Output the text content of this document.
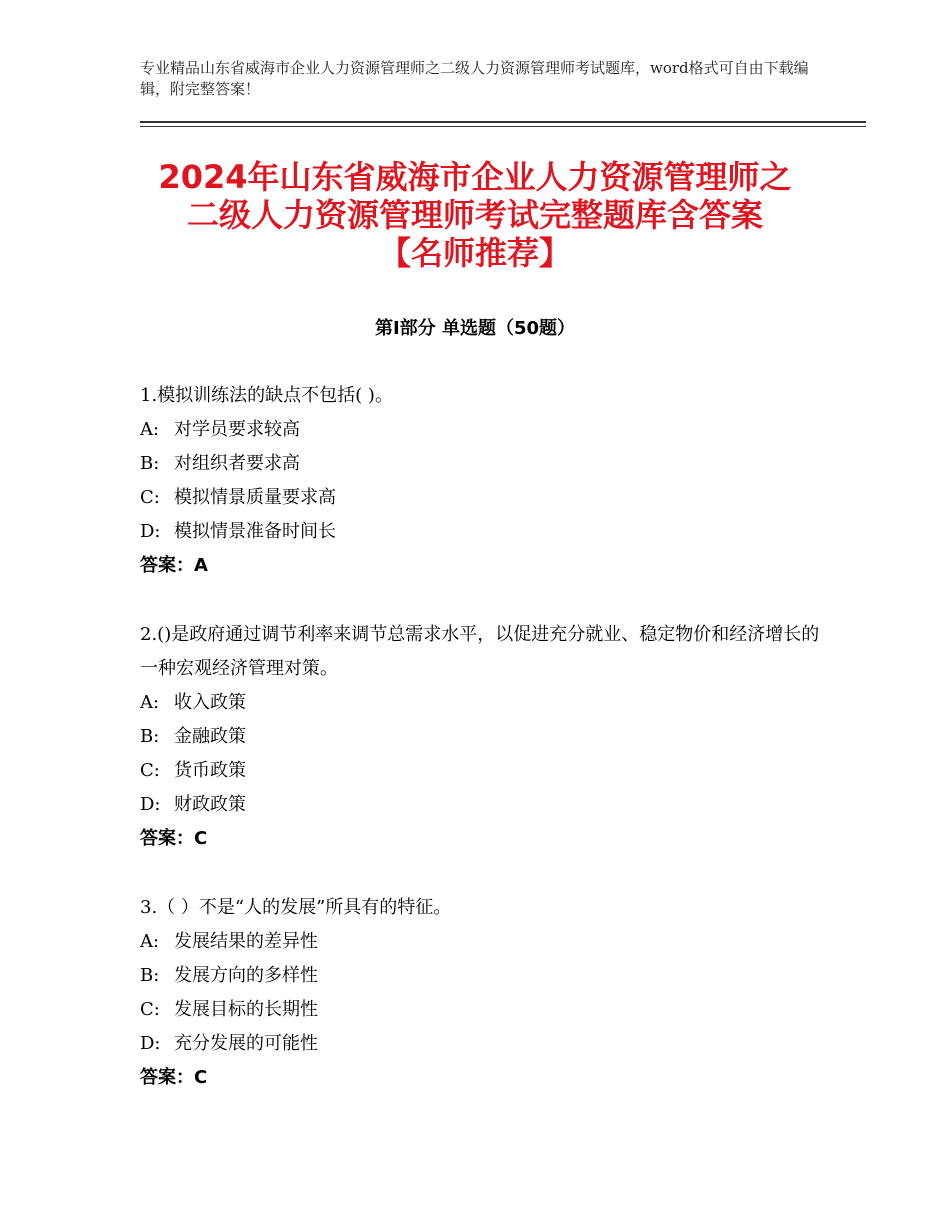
专业精品山东省威海市企业人力资源管理师之二级人力资源管理师考试题库，word格式可自由下载编辑，附完整答案！
2024年山东省威海市企业人力资源管理师之
二级人力资源管理师考试完整题库含答案
【名师推荐】
第Ⅰ部分 单选题（50题）
1.模拟训练法的缺点不包括( )。
A: 对学员要求较高
B: 对组织者要求高
C: 模拟情景质量要求高
D: 模拟情景准备时间长
答案：A
2.()是政府通过调节利率来调节总需求水平，以促进充分就业、稳定物价和经济增长的一种宏观经济管理对策。
A: 收入政策
B: 金融政策
C: 货币政策
D: 财政政策
答案：C
3.（ ）不是“人的发展”所具有的特征。
A: 发展结果的差异性
B: 发展方向的多样性
C: 发展目标的长期性
D: 充分发展的可能性
答案：C
